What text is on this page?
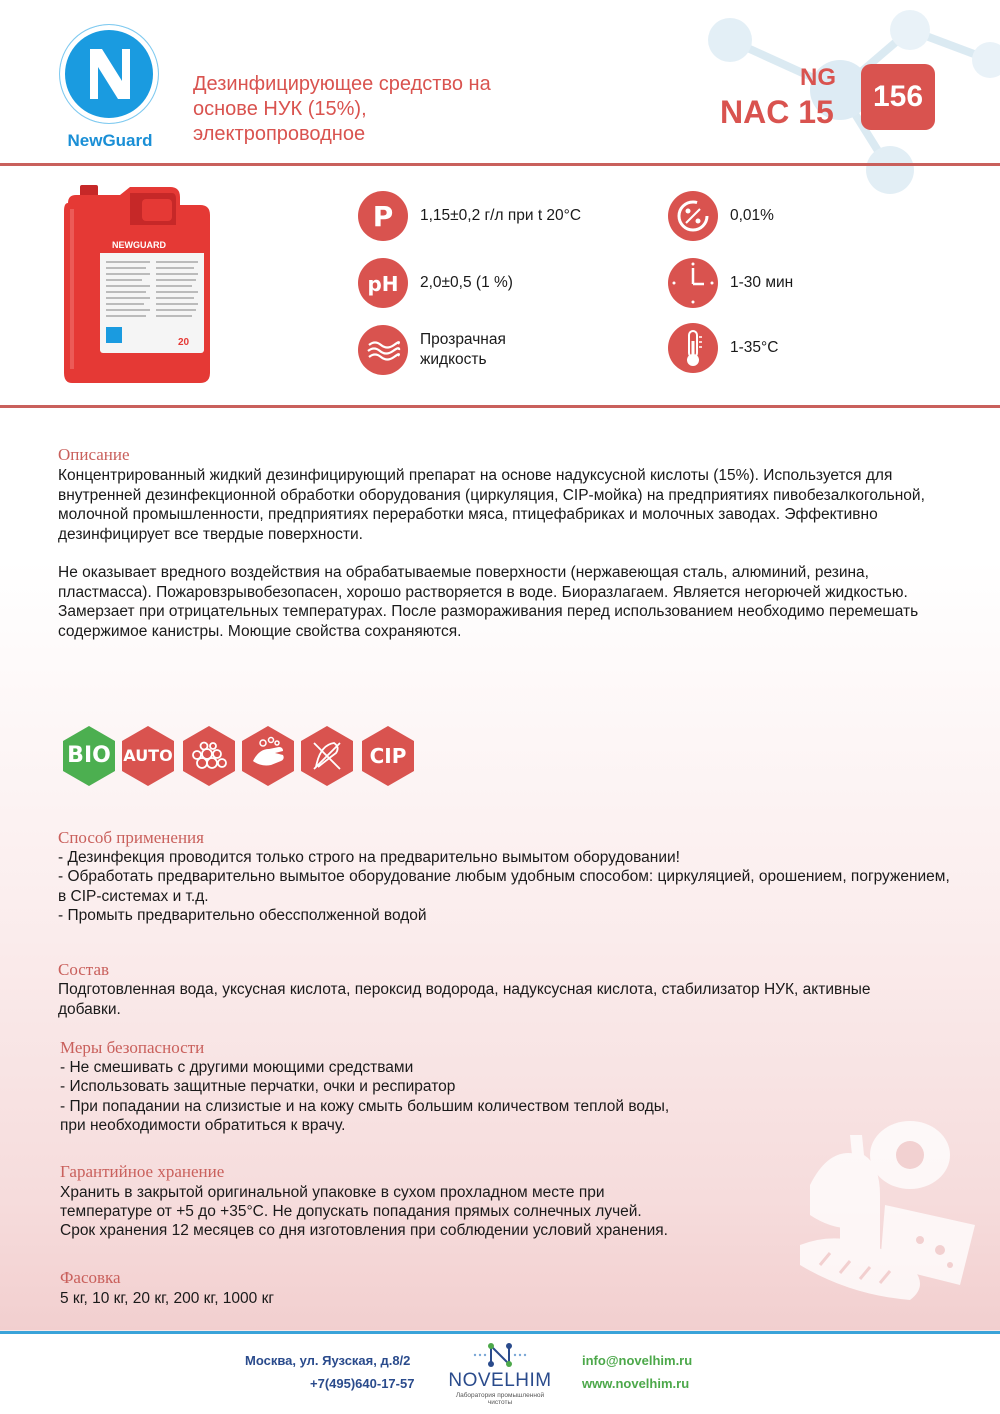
NewGuard
Дезинфицирующее средство на
основе НУК (15%),
электропроводное
NG
NAC 15	156
NEWGUARD
20
P 1,15±0,2 г/л при t 20°C
pH 2,0±0,5 (1 %)
Прозрачная жидкость
0,01%
1-30 мин
1-35°C
Описание
Концентрированный жидкий дезинфицирующий препарат на основе надуксусной кислоты (15%). Используется для внутренней дезинфекционной обработки оборудования (циркуляция, CIP-мойка) на предприятиях пивобезалкогольной, молочной промышленности, предприятиях переработки мяса, птицефабриках и молочных заводах. Эффективно дезинфицирует все твердые поверхности.
Не оказывает вредного воздействия на обрабатываемые поверхности (нержавеющая сталь, алюминий, резина, пластмасса). Пожаровзрывобезопасен, хорошо растворяется в воде. Биоразлагаем. Является негорючей жидкостью. Замерзает при отрицательных температурах. После размораживания перед использованием необходимо перемешать содержимое канистры. Моющие свойства сохраняются.
BIO AUTO	CIP
Способ применения
- Дезинфекция проводится только строго на предварительно вымытом оборудовании!
- Обработать предварительно вымытое оборудование любым удобным способом: циркуляцией, орошением, погружением, в CIP-системах и т.д.
- Промыть предварительно обессполженной водой
Состав
Подготовленная вода, уксусная кислота, пероксид водорода, надуксусная кислота, стабилизатор НУК, активные добавки.
Меры безопасности
- Не смешивать с другими моющими средствами
- Использовать защитные перчатки, очки и респиратор
- При попадании на слизистые и на кожу смыть большим количеством теплой воды,
при необходимости обратиться к врачу.
Гарантийное хранение
Хранить в закрытой оригинальной упаковке в сухом прохладном месте при
температуре от +5 до +35°C. Не допускать попадания прямых солнечных лучей.
Срок хранения 12 месяцев со дня изготовления при соблюдении условий хранения.
Фасовка
5 кг, 10 кг, 20 кг, 200 кг, 1000 кг
Москва, ул. Яузская, д.8/2
+7(495)640-17-57 NOVELHIM
Лаборатория промышленной чистоты
info@novelhim.ru
www.novelhim.ru
